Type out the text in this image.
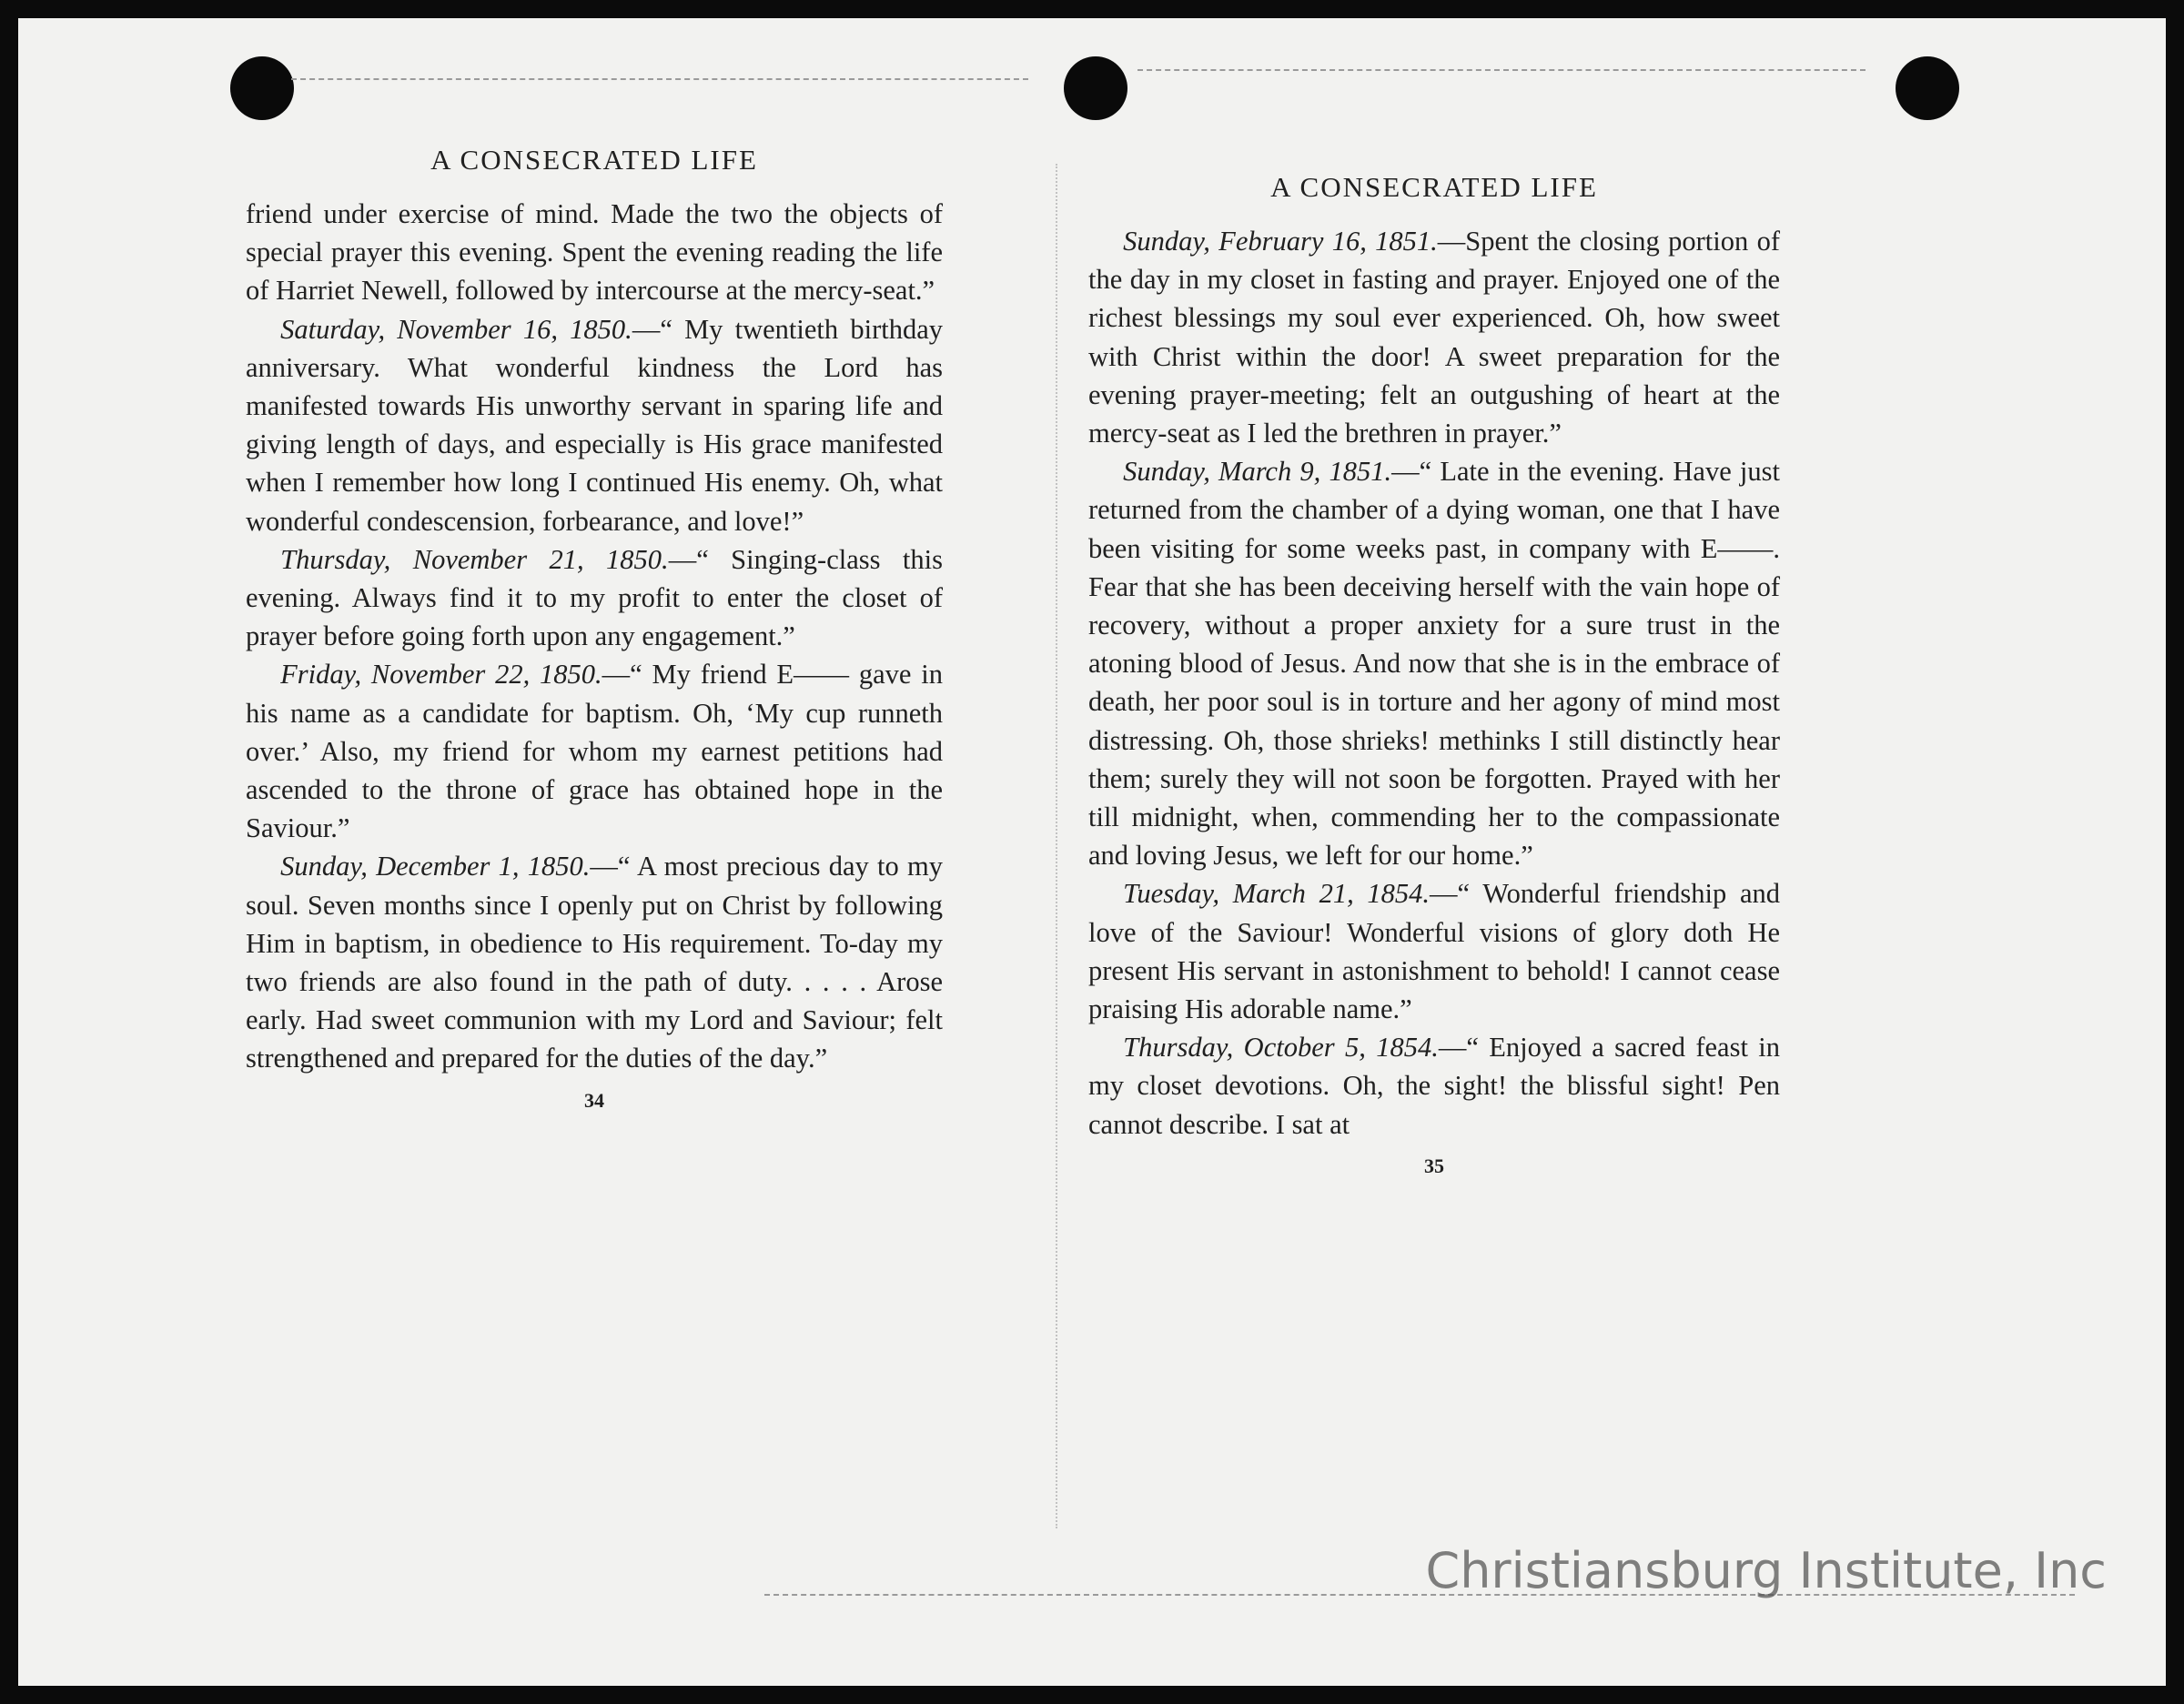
A CONSECRATED LIFE

friend under exercise of mind. Made the two the objects of special prayer this evening. Spent the evening reading the life of Harriet Newell, followed by intercourse at the mercy-seat.”

Saturday, November 16, 1850.—“ My twentieth birthday anniversary. What wonderful kindness the Lord has manifested towards His unworthy servant in sparing life and giving length of days, and especially is His grace manifested when I remember how long I continued His enemy. Oh, what wonderful condescension, forbearance, and love!”

Thursday, November 21, 1850.—“ Singing-class this evening. Always find it to my profit to enter the closet of prayer before going forth upon any engagement.”

Friday, November 22, 1850.—“ My friend E—— gave in his name as a candidate for baptism. Oh, ‘My cup runneth over.’ Also, my friend for whom my earnest petitions had ascended to the throne of grace has obtained hope in the Saviour.”

Sunday, December 1, 1850.—“ A most precious day to my soul. Seven months since I openly put on Christ by following Him in baptism, in obedience to His requirement. To-day my two friends are also found in the path of duty. . . . . Arose early. Had sweet communion with my Lord and Saviour; felt strengthened and prepared for the duties of the day.”

34
A CONSECRATED LIFE

Sunday, February 16, 1851.—Spent the closing portion of the day in my closet in fasting and prayer. Enjoyed one of the richest blessings my soul ever experienced. Oh, how sweet with Christ within the door! A sweet preparation for the evening prayer-meeting; felt an outgushing of heart at the mercy-seat as I led the brethren in prayer.”

Sunday, March 9, 1851.—“ Late in the evening. Have just returned from the chamber of a dying woman, one that I have been visiting for some weeks past, in company with E——. Fear that she has been deceiving herself with the vain hope of recovery, without a proper anxiety for a sure trust in the atoning blood of Jesus. And now that she is in the embrace of death, her poor soul is in torture and her agony of mind most distressing. Oh, those shrieks! methinks I still distinctly hear them; surely they will not soon be forgotten. Prayed with her till midnight, when, commending her to the compassionate and loving Jesus, we left for our home.”

Tuesday, March 21, 1854.—“ Wonderful friendship and love of the Saviour! Wonderful visions of glory doth He present His servant in astonishment to behold! I cannot cease praising His adorable name.”

Thursday, October 5, 1854.—“ Enjoyed a sacred feast in my closet devotions. Oh, the sight! the blissful sight! Pen cannot describe. I sat at

35
Christiansburg Institute, Inc
